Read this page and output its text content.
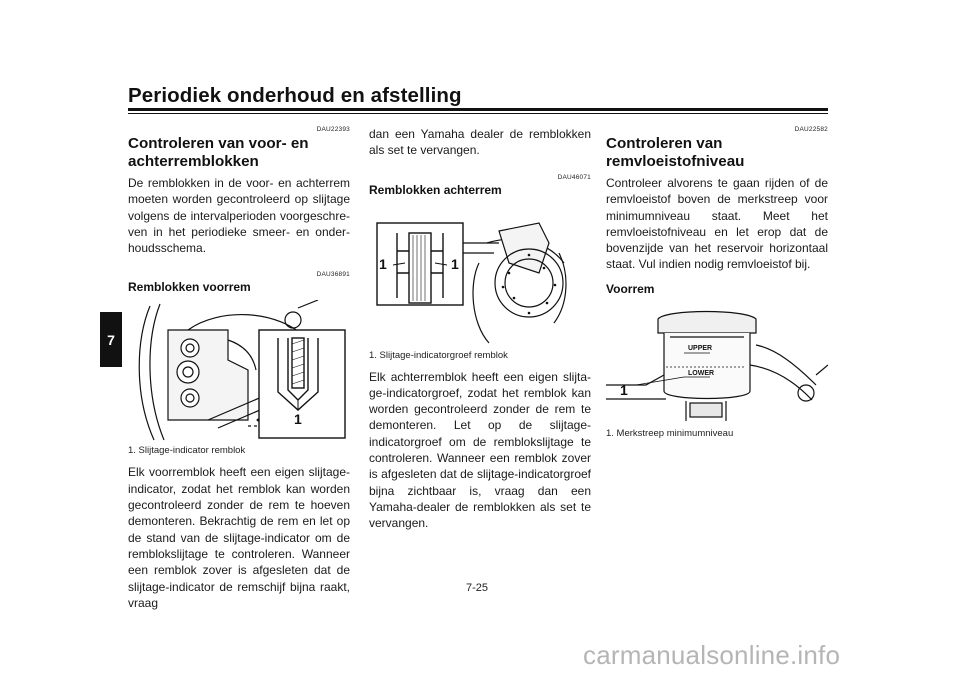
Periodiek onderhoud en afstelling
7
DAU22393
Controleren van voor- en achterremblokken

De remblokken in de voor- en achterrem moeten worden gecontroleerd op slijtage volgens de intervalperioden voorgeschreven in het periodieke smeer- en onderhoudsschema.

DAU36891
Remblokken voorrem
1
1. Slijtage-indicator remblok

Elk voorremblok heeft een eigen slijtage-indicator, zodat het remblok kan worden gecontroleerd zonder de rem te hoeven demonteren. Bekrachtig de rem en let op de stand van de slijtage-indicator om de remblokslijtage te controleren. Wanneer een remblok zover is afgesleten dat de slijtage-indicator de remschijf bijna raakt, vraag

dan een Yamaha dealer de remblokken als set te vervangen.

DAU46071
Remblokken achterrem
1	1
1. Slijtage-indicatorgroef remblok

Elk achterremblok heeft een eigen slijtage-indicatorgroef, zodat het remblok kan worden gecontroleerd zonder de rem te demonteren. Let op de slijtage-indicatorgroef om de remblokslijtage te controleren. Wanneer een remblok zover is afgesleten dat de slijtage-indicatorgroef bijna zichtbaar is, vraag dan een Yamaha-dealer de remblokken als set te vervangen.

DAU22582
Controleren van remvloeistofniveau

Controleer alvorens te gaan rijden of de remvloeistof boven de merkstreep voor minimumniveau staat. Meet het remvloeistofniveau en let erop dat de bovenzijde van het reservoir horizontaal staat. Vul indien nodig remvloeistof bij.

Voorrem
UPPER
LOWER
1
1. Merkstreep minimumniveau
7-25
carmanualsonline.info
